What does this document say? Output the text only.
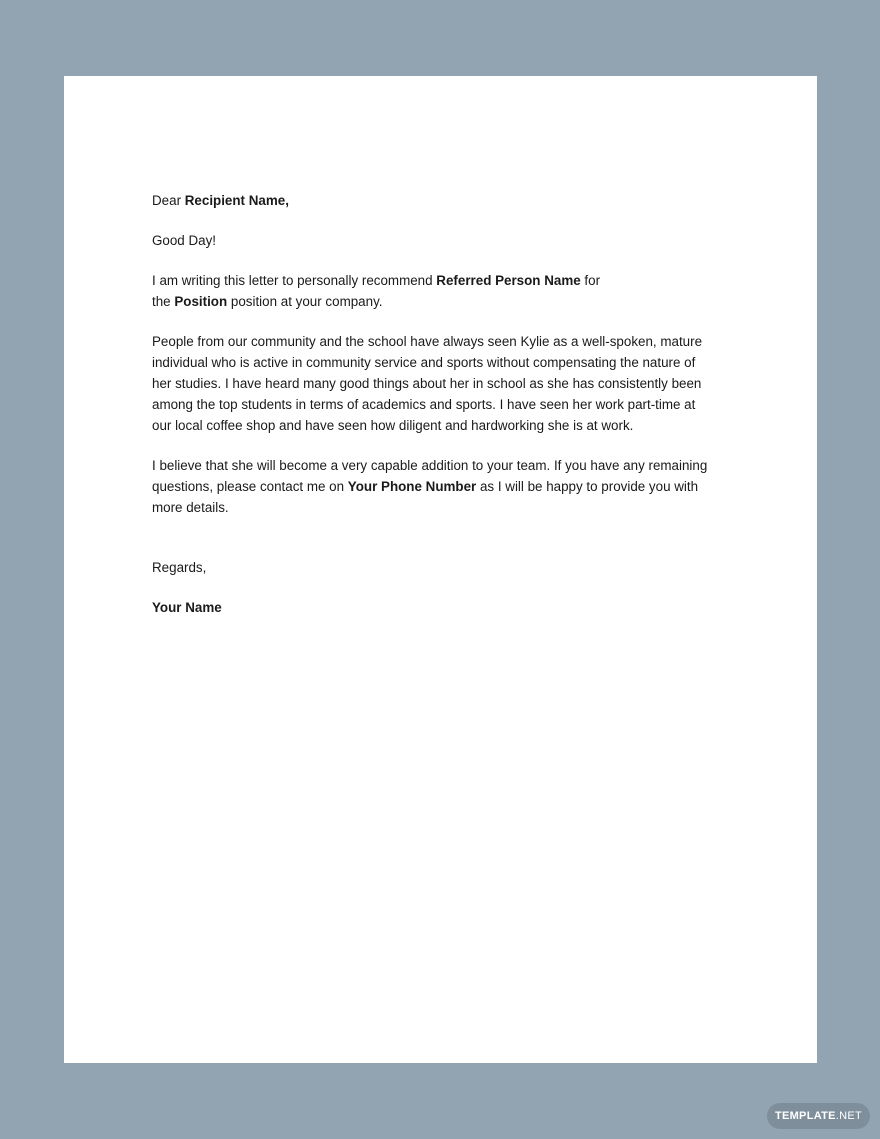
Dear Recipient Name,

Good Day!

I am writing this letter to personally recommend Referred Person Name for
the Position position at your company.

People from our community and the school have always seen Kylie as a well-spoken, mature
individual who is active in community service and sports without compensating the nature of
her studies. I have heard many good things about her in school as she has consistently been
among the top students in terms of academics and sports. I have seen her work part-time at
our local coffee shop and have seen how diligent and hardworking she is at work.

I believe that she will become a very capable addition to your team. If you have any remaining
questions, please contact me on Your Phone Number as I will be happy to provide you with
more details.

Regards,

Your Name

TEMPLATE .NET
